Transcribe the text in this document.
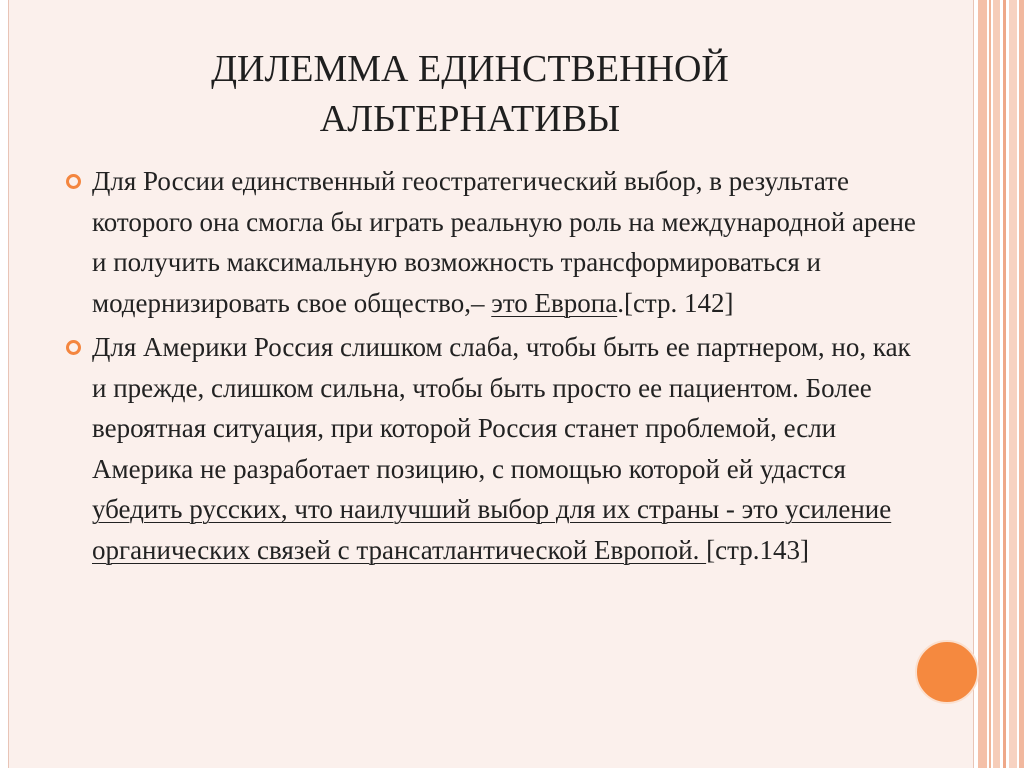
ДИЛЕММА ЕДИНСТВЕННОЙ
АЛЬТЕРНАТИВЫ
Для России единственный геостратегический выбор, в результате которого она смогла бы играть реальную роль на международной арене и получить максимальную возможность трансформироваться и модернизировать свое общество,– это Европа.[стр. 142]
Для Америки Россия слишком слаба, чтобы быть ее партнером, но, как и прежде, слишком сильна, чтобы быть просто ее пациентом. Более вероятная ситуация, при которой Россия станет проблемой, если Америка не разработает позицию, с помощью которой ей удастся убедить русских, что наилучший выбор для их страны - это усиление органических связей с трансатлантической Европой. [стр.143]
